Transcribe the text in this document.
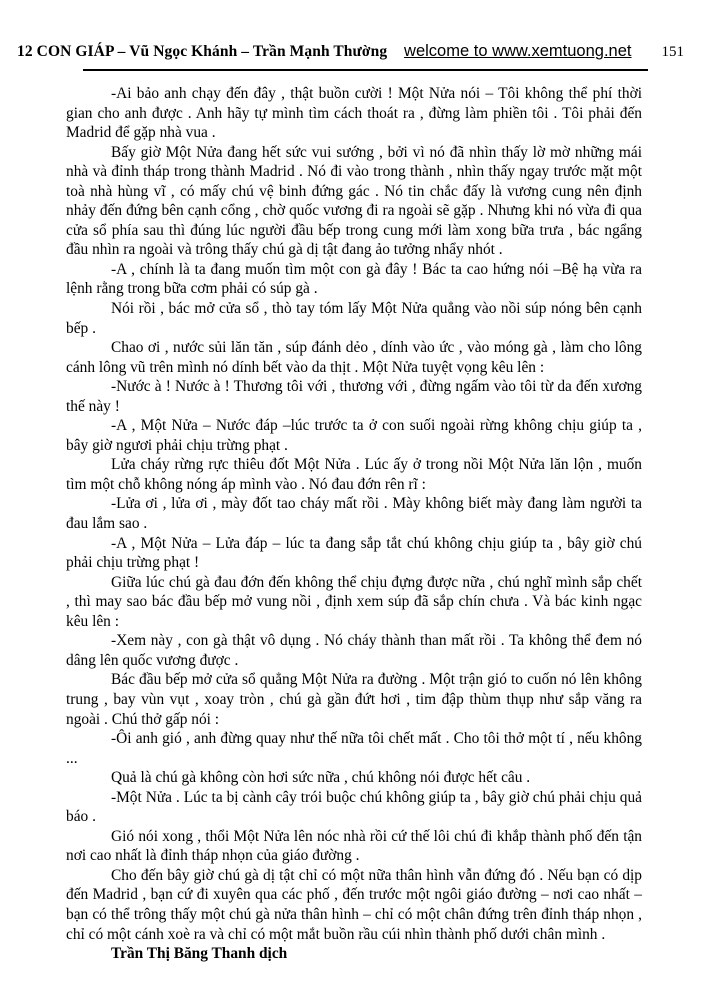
12 CON GIÁP – Vũ Ngọc Khánh – Trần Mạnh Thường welcome to www.xemtuong.net 151

-Ai bảo anh chạy đến đây , thật buồn cười ! Một Nửa nói – Tôi không thể phí thời gian cho anh được . Anh hãy tự mình tìm cách thoát ra , đừng làm phiền tôi . Tôi phải đến Madrid để gặp nhà vua .

Bấy giờ Một Nửa đang hết sức vui sướng , bởi vì nó đã nhìn thấy lờ mờ những mái nhà và đỉnh tháp trong thành Madrid . Nó đi vào trong thành , nhìn thấy ngay trước mặt một toà nhà hùng vĩ , có mấy chú vệ binh đứng gác . Nó tin chắc đấy là vương cung nên định nhảy đến đứng bên cạnh cổng , chờ quốc vương đi ra ngoài sẽ gặp . Nhưng khi nó vừa đi qua cửa sổ phía sau thì đúng lúc người đầu bếp trong cung mới làm xong bữa trưa , bác ngẩng đầu nhìn ra ngoài và trông thấy chú gà dị tật đang ảo tưởng nhẩy nhót .

-A , chính là ta đang muốn tìm một con gà đây ! Bác ta cao hứng nói –Bệ hạ vừa ra lệnh rằng trong bữa cơm phải có súp gà .

Nói rồi , bác mở cửa sổ , thò tay tóm lấy Một Nửa quẳng vào nồi súp nóng bên cạnh bếp .

Chao ơi , nước sủi lăn tăn , súp đánh dẻo , dính vào ức , vào móng gà , làm cho lông cánh lông vũ trên mình nó dính bết vào da thịt . Một Nửa tuyệt vọng kêu lên :

-Nước à ! Nước à ! Thương tôi với , thương với , đừng ngấm vào tôi từ da đến xương thế này !

-A , Một Nửa – Nước đáp –lúc trước ta ở con suối ngoài rừng không chịu giúp ta , bây giờ ngươi phải chịu trừng phạt .

Lửa cháy rừng rực thiêu đốt Một Nửa . Lúc ấy ở trong nồi Một Nửa lăn lộn , muốn tìm một chỗ không nóng áp mình vào . Nó đau đớn rên rĩ :

-Lửa ơi , lửa ơi , mày đốt tao cháy mất rồi . Mày không biết mày đang làm người ta đau lắm sao .

-A , Một Nửa – Lửa đáp – lúc ta đang sắp tắt chú không chịu giúp ta , bây giờ chú phải chịu trừng phạt !

Giữa lúc chú gà đau đớn đến không thể chịu đựng được nữa , chú nghĩ mình sắp chết , thì may sao bác đầu bếp mở vung nồi , định xem súp đã sắp chín chưa . Và bác kinh ngạc kêu lên :

-Xem này , con gà thật vô dụng . Nó cháy thành than mất rồi . Ta không thể đem nó dâng lên quốc vương được .

Bác đầu bếp mở cửa sổ quẳng Một Nửa ra đường . Một trận gió to cuốn nó lên không trung , bay vùn vụt , xoay tròn , chú gà gần đứt hơi , tim đập thùm thụp như sắp văng ra ngoài . Chú thở gấp nói :

-Ôi anh gió , anh đừng quay như thế nữa tôi chết mất . Cho tôi thở một tí , nếu không ...

Quả là chú gà không còn hơi sức nữa , chú không nói được hết câu .

-Một Nửa . Lúc ta bị cành cây trói buộc chú không giúp ta , bây giờ chú phải chịu quả báo .

Gió nói xong , thổi Một Nửa lên nóc nhà rồi cứ thế lôi chú đi khắp thành phố đến tận nơi cao nhất là đỉnh tháp nhọn của giáo đường .

Cho đến bây giờ chú gà dị tật chỉ có một nữa thân hình vẫn đứng đó . Nếu bạn có dịp đến Madrid , bạn cứ đi xuyên qua các phố , đến trước một ngôi giáo đường – nơi cao nhất – bạn có thể trông thấy một chú gà nửa thân hình – chỉ có một chân đứng trên đỉnh tháp nhọn , chỉ có một cánh xoè ra và chỉ có một mắt buồn rầu cúi nhìn thành phố dưới chân mình .

Trần Thị Băng Thanh dịch
